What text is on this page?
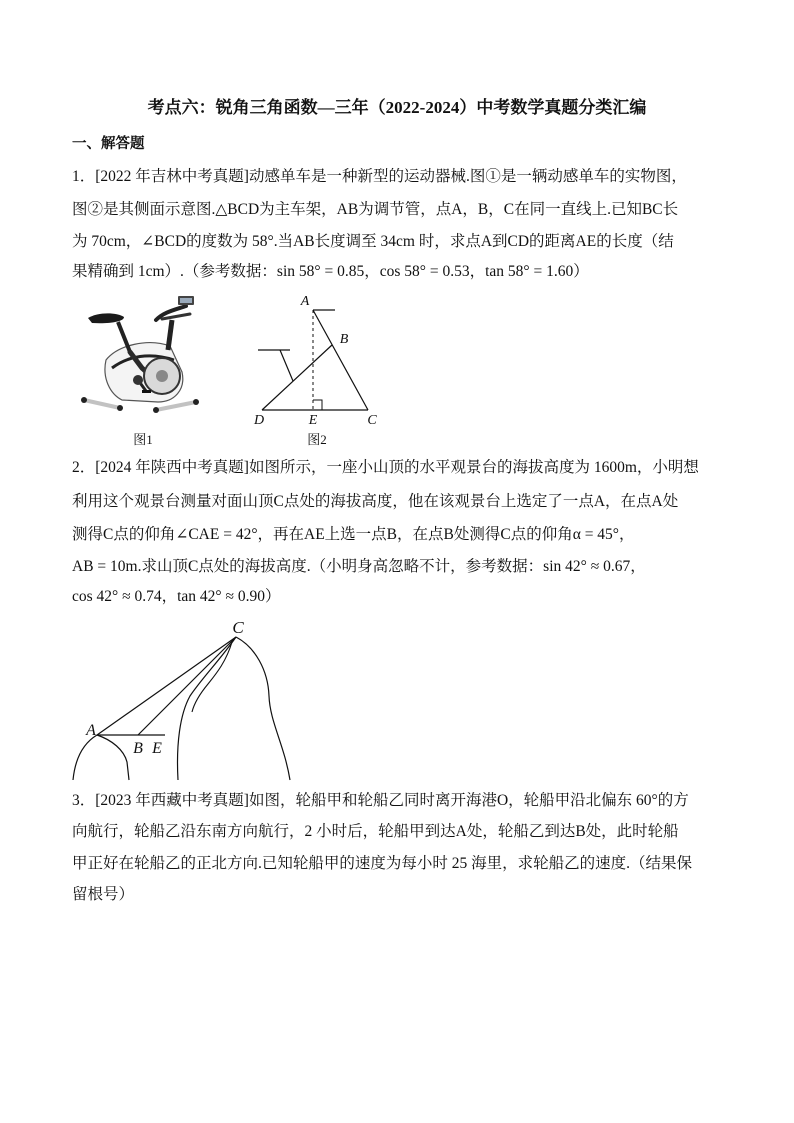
考点六：锐角三角函数—三年（2022-2024）中考数学真题分类汇编
一、解答题
1．[2022 年吉林中考真题]动感单车是一种新型的运动器械.图①是一辆动感单车的实物图，
图②是其侧面示意图.△BCD为主车架，AB为调节管，点A，B，C在同一直线上.已知BC长
为 70cm，∠BCD的度数为 58°.当AB长度调至 34cm 时，求点A到CD的距离AE的长度（结
果精确到 1cm）.（参考数据：sin 58° = 0.85，cos 58° = 0.53，tan 58° = 1.60）
A
B
D	E	C
图1	图2
2．[2024 年陕西中考真题]如图所示，一座小山顶的水平观景台的海拔高度为 1600m，小明想
利用这个观景台测量对面山顶C点处的海拔高度，他在该观景台上选定了一点A，在点A处
测得C点的仰角∠CAE = 42°，再在AE上选一点B，在点B处测得C点的仰角α = 45°，
AB = 10m.求山顶C点处的海拔高度.（小明身高忽略不计，参考数据：sin 42° ≈ 0.67，
cos 42° ≈ 0.74，tan 42° ≈ 0.90）
C
A
B E
3．[2023 年西藏中考真题]如图，轮船甲和轮船乙同时离开海港O，轮船甲沿北偏东 60°的方
向航行，轮船乙沿东南方向航行，2 小时后，轮船甲到达A处，轮船乙到达B处，此时轮船
甲正好在轮船乙的正北方向.已知轮船甲的速度为每小时 25 海里，求轮船乙的速度.（结果保
留根号）
